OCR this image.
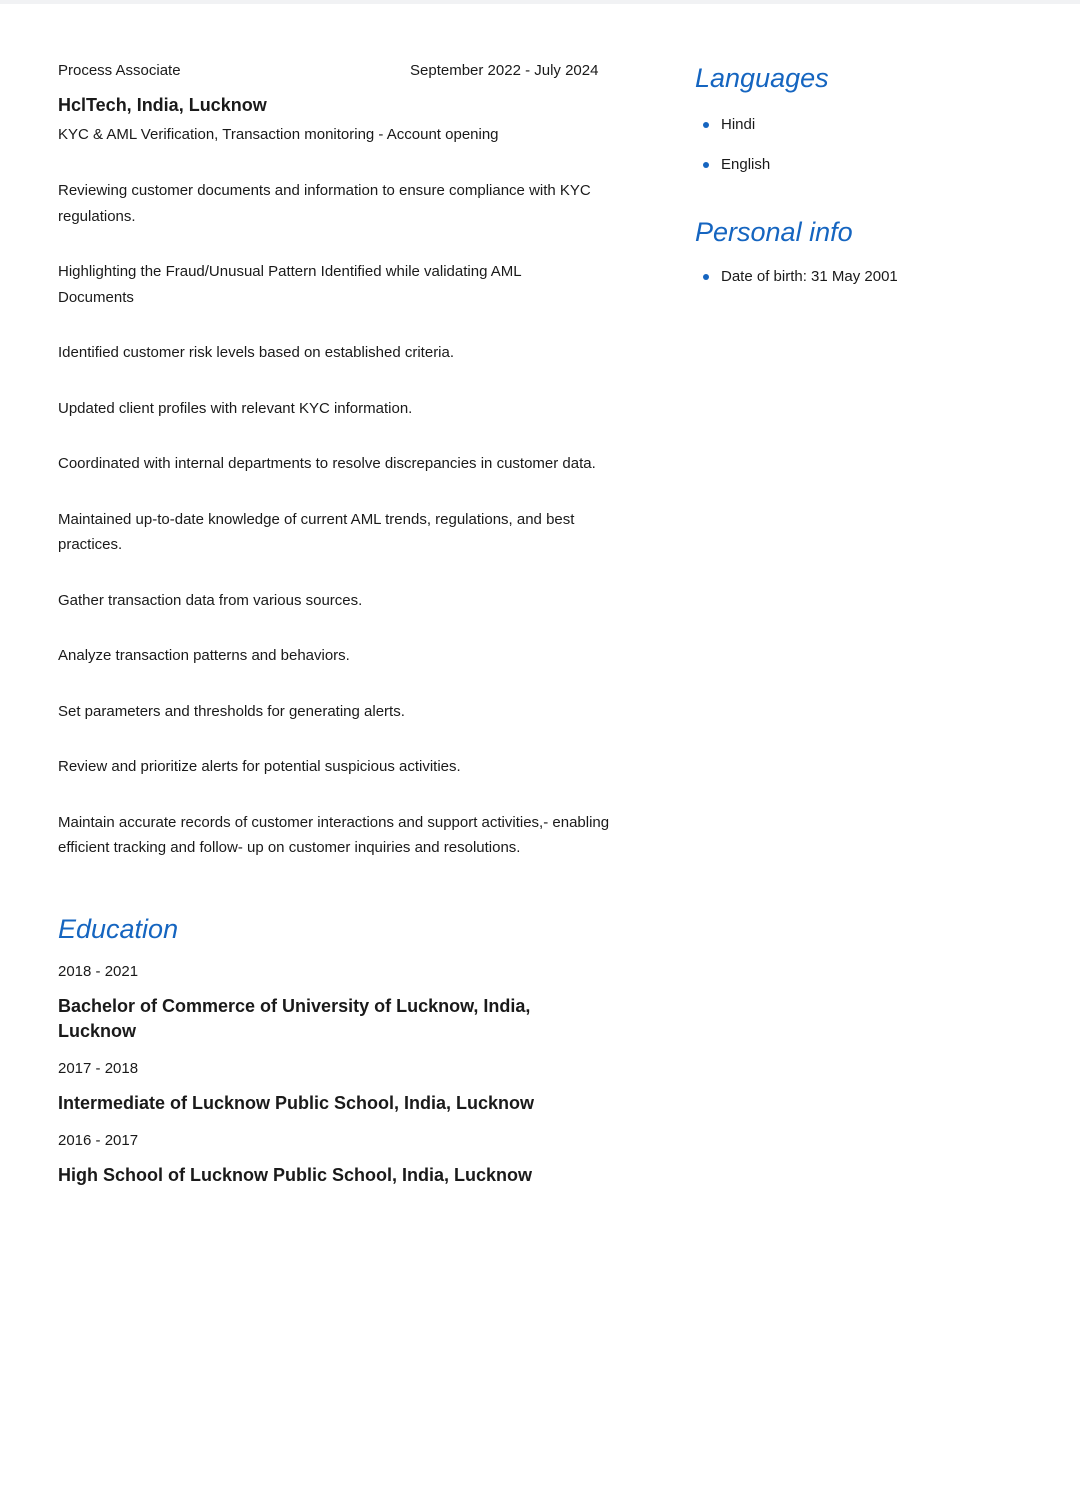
Process Associate	September 2022 - July 2024
HclTech, India, Lucknow
KYC & AML Verification, Transaction monitoring - Account opening
Reviewing customer documents and information to ensure compliance with KYC regulations.
Highlighting the Fraud/Unusual Pattern Identified while validating AML Documents
Identified customer risk levels based on established criteria.
Updated client profiles with relevant KYC information.
Coordinated with internal departments to resolve discrepancies in customer data.
Maintained up-to-date knowledge of current AML trends, regulations, and best practices.
Gather transaction data from various sources.
Analyze transaction patterns and behaviors.
Set parameters and thresholds for generating alerts.
Review and prioritize alerts for potential suspicious activities.
Maintain accurate records of customer interactions and support activities,- enabling efficient tracking and follow- up on customer inquiries and resolutions.
Education
2018 - 2021
Bachelor of Commerce of University of Lucknow, India, Lucknow
2017 - 2018
Intermediate of Lucknow Public School, India, Lucknow
2016 - 2017
High School of Lucknow Public School, India, Lucknow
Languages
Hindi
English
Personal info
Date of birth: 31 May 2001
